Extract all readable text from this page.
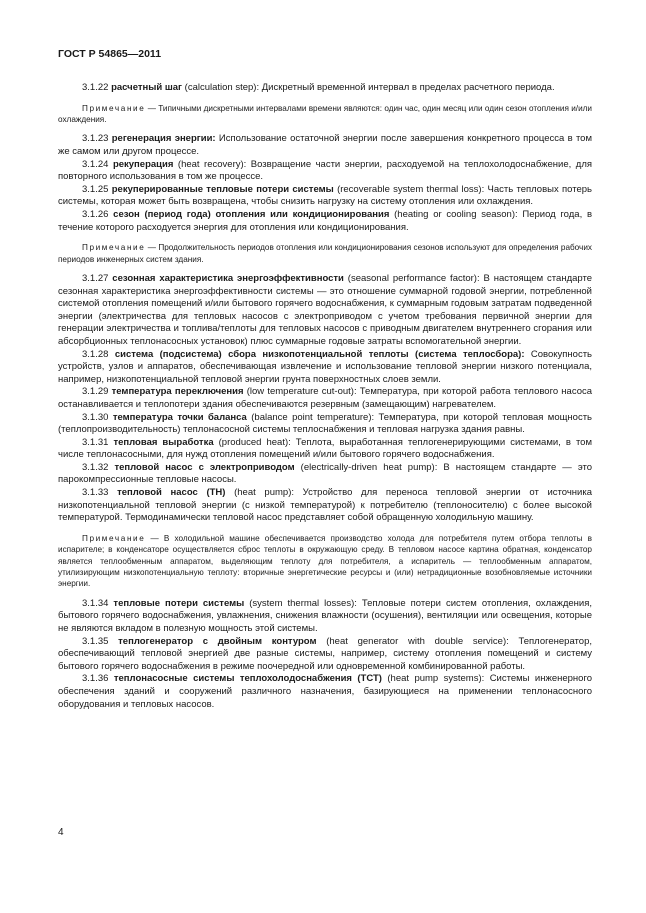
ГОСТ Р 54865—2011

3.1.22 расчетный шаг (calculation step): Дискретный временной интервал в пределах расчетного периода.

Примечание — Типичными дискретными интервалами времени являются: один час, один месяц или один сезон отопления и/или охлаждения.

3.1.23 регенерация энергии: Использование остаточной энергии после завершения конкретного процесса в том же самом или другом процессе.

3.1.24 рекуперация (heat recovery): Возвращение части энергии, расходуемой на теплохолодоснабжение, для повторного использования в том же процессе.

3.1.25 рекуперированные тепловые потери системы (recoverable system thermal loss): Часть тепловых потерь системы, которая может быть возвращена, чтобы снизить нагрузку на систему отопления или охлаждения.

3.1.26 сезон (период года) отопления или кондиционирования (heating or cooling season): Период года, в течение которого расходуется энергия для отопления или кондиционирования.

Примечание — Продолжительность периодов отопления или кондиционирования сезонов используют для определения рабочих периодов инженерных систем здания.

3.1.27 сезонная характеристика энергоэффективности (seasonal performance factor): В настоящем стандарте сезонная характеристика энергоэффективности системы — это отношение суммарной годовой энергии, потребленной системой отопления помещений и/или бытового горячего водоснабжения, к суммарным годовым затратам подведенной энергии (электричества для тепловых насосов с электроприводом с учетом требования первичной энергии для генерации электричества и топлива/теплоты для тепловых насосов с приводным двигателем внутреннего сгорания или абсорбционных теплонасосных установок) плюс суммарные годовые затраты вспомогательной энергии.

3.1.28 система (подсистема) сбора низкопотенциальной теплоты (система теплосбора): Совокупность устройств, узлов и аппаратов, обеспечивающая извлечение и использование тепловой энергии низкого потенциала, например, низкопотенциальной тепловой энергии грунта поверхностных слоев земли.

3.1.29 температура переключения (low temperature cut-out): Температура, при которой работа теплового насоса останавливается и теплопотери здания обеспечиваются резервным (замещающим) нагревателем.

3.1.30 температура точки баланса (balance point temperature): Температура, при которой тепловая мощность (теплопроизводительность) теплонасосной системы теплоснабжения и тепловая нагрузка здания равны.

3.1.31 тепловая выработка (produced heat): Теплота, выработанная теплогенерирующими системами, в том числе теплонасосными, для нужд отопления помещений и/или бытового горячего водоснабжения.

3.1.32 тепловой насос с электроприводом (electrically-driven heat pump): В настоящем стандарте — это парокомпрессионные тепловые насосы.

3.1.33 тепловой насос (ТН) (heat pump): Устройство для переноса тепловой энергии от источника низкопотенциальной тепловой энергии (с низкой температурой) к потребителю (теплоносителю) с более высокой температурой. Термодинамически тепловой насос представляет собой обращенную холодильную машину.

Примечание — В холодильной машине обеспечивается производство холода для потребителя путем отбора теплоты в испарителе; в конденсаторе осуществляется сброс теплоты в окружающую среду. В тепловом насосе картина обратная, конденсатор является теплообменным аппаратом, выделяющим теплоту для потребителя, а испаритель — теплообменным аппаратом, утилизирующим низкопотенциальную теплоту: вторичные энергетические ресурсы и (или) нетрадиционные возобновляемые источники энергии.

3.1.34 тепловые потери системы (system thermal losses): Тепловые потери систем отопления, охлаждения, бытового горячего водоснабжения, увлажнения, снижения влажности (осушения), вентиляции или освещения, которые не являются вкладом в полезную мощность этой системы.

3.1.35 теплогенератор с двойным контуром (heat generator with double service): Теплогенератор, обеспечивающий тепловой энергией две разные системы, например, систему отопления помещений и систему бытового горячего водоснабжения в режиме поочередной или одновременной комбинированной работы.

3.1.36 теплонасосные системы теплохолодоснабжения (ТСТ) (heat pump systems): Системы инженерного обеспечения зданий и сооружений различного назначения, базирующиеся на применении теплонасосного оборудования и тепловых насосов.

4
